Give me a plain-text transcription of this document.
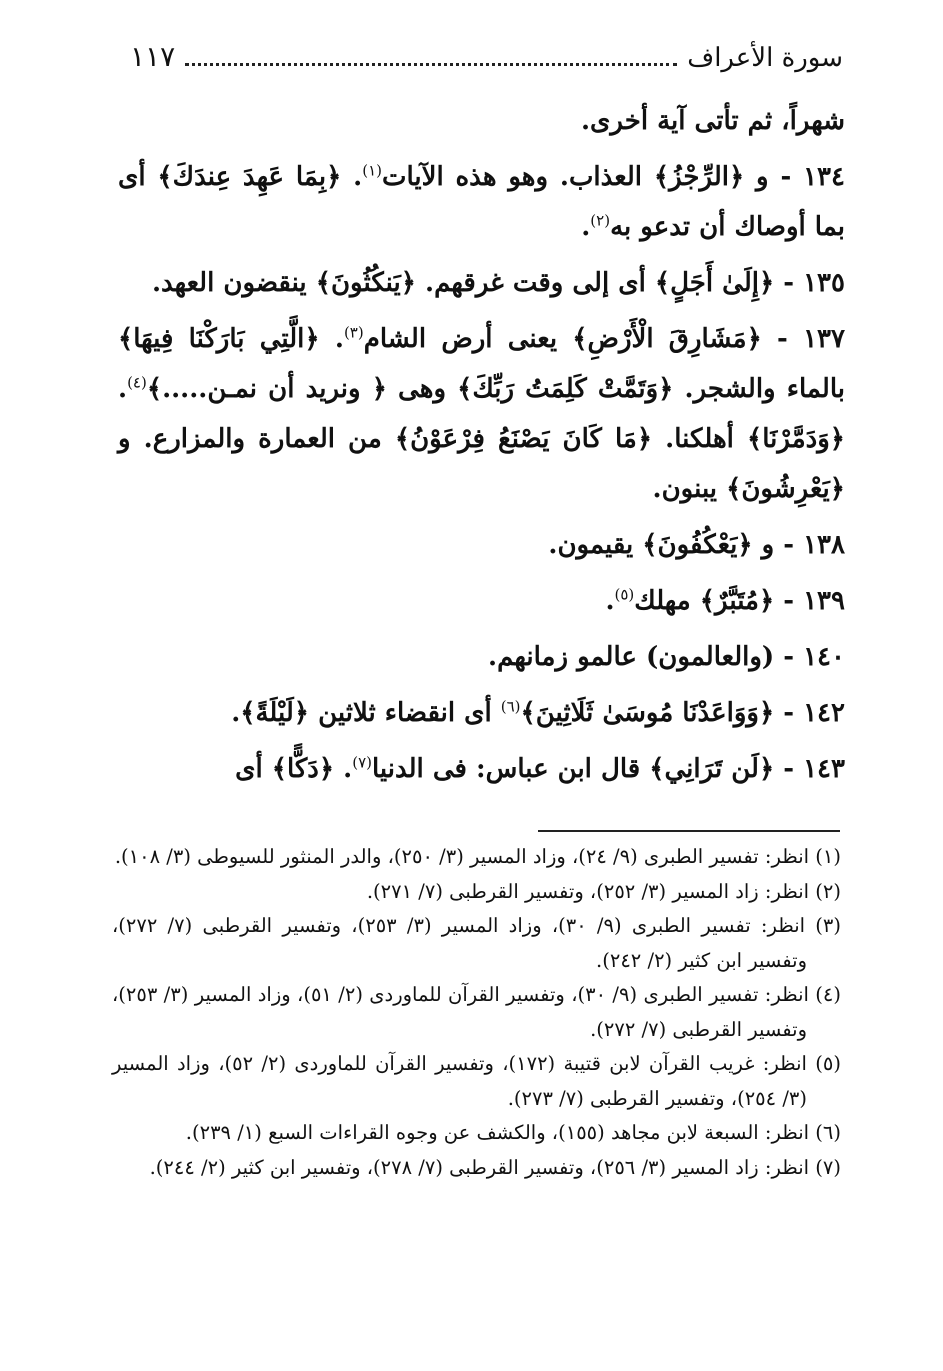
سورة الأعراف
١١٧

شهراً، ثم تأتى آية أخرى.

١٣٤ - و ﴿الرِّجْزُ﴾ العذاب. وهو هذه الآيات$^{(١)}$. ﴿بِمَا عَهِدَ عِندَكَ﴾ أى بما أوصاك أن تدعو به$^{(٢)}$.

١٣٥ - ﴿إِلَىٰ أَجَلٍ﴾ أى إلى وقت غرقهم. ﴿يَنكُثُونَ﴾ ينقضون العهد.

١٣٧ - ﴿مَشَارِقَ الْأَرْضِ﴾ يعنى أرض الشام$^{(٣)}$. ﴿الَّتِي بَارَكْنَا فِيهَا﴾ بالماء والشجر. ﴿وَتَمَّتْ كَلِمَتُ رَبِّكَ﴾ وهى ﴿ ونريد أن نمـن.....﴾$^{(٤)}$. ﴿وَدَمَّرْنَا﴾ أهلكنا. ﴿مَا كَانَ يَصْنَعُ فِرْعَوْنُ﴾ من العمارة والمزارع. و ﴿يَعْرِشُونَ﴾ يبنون.

١٣٨ - و ﴿يَعْكُفُونَ﴾ يقيمون.

١٣٩ - ﴿مُتَبَّرٌ﴾ مهلك$^{(٥)}$.

١٤٠ - (والعالمون) عالمو زمانهم.

١٤٢ - ﴿وَوَاعَدْنَا مُوسَىٰ ثَلَاثِينَ﴾$^{(٦)}$ أى انقضاء ثلاثين ﴿لَيْلَةً﴾.

١٤٣ - ﴿لَن تَرَانِي﴾ قال ابن عباس: فى الدنيا$^{(٧)}$. ﴿دَكًّا﴾ أى

(١) انظر: تفسير الطبرى (٩/ ٢٤)، وزاد المسير (٣/ ٢٥٠)، والدر المنثور للسيوطى (٣/ ١٠٨).

(٢) انظر: زاد المسير (٣/ ٢٥٢)، وتفسير القرطبى (٧/ ٢٧١).

(٣) انظر: تفسير الطبرى (٩/ ٣٠)، وزاد المسير (٣/ ٢٥٣)، وتفسير القرطبى (٧/ ٢٧٢)، وتفسير ابن كثير (٢/ ٢٤٢).

(٤) انظر: تفسير الطبرى (٩/ ٣٠)، وتفسير القرآن للماوردى (٢/ ٥١)، وزاد المسير (٣/ ٢٥٣)، وتفسير القرطبى (٧/ ٢٧٢).

(٥) انظر: غريب القرآن لابن قتيبة (١٧٢)، وتفسير القرآن للماوردى (٢/ ٥٢)، وزاد المسير (٣/ ٢٥٤)، وتفسير القرطبى (٧/ ٢٧٣).

(٦) انظر: السبعة لابن مجاهد (١٥٥)، والكشف عن وجوه القراءات السبع (١/ ٢٣٩).

(٧) انظر: زاد المسير (٣/ ٢٥٦)، وتفسير القرطبى (٧/ ٢٧٨)، وتفسير ابن كثير (٢/ ٢٤٤).
